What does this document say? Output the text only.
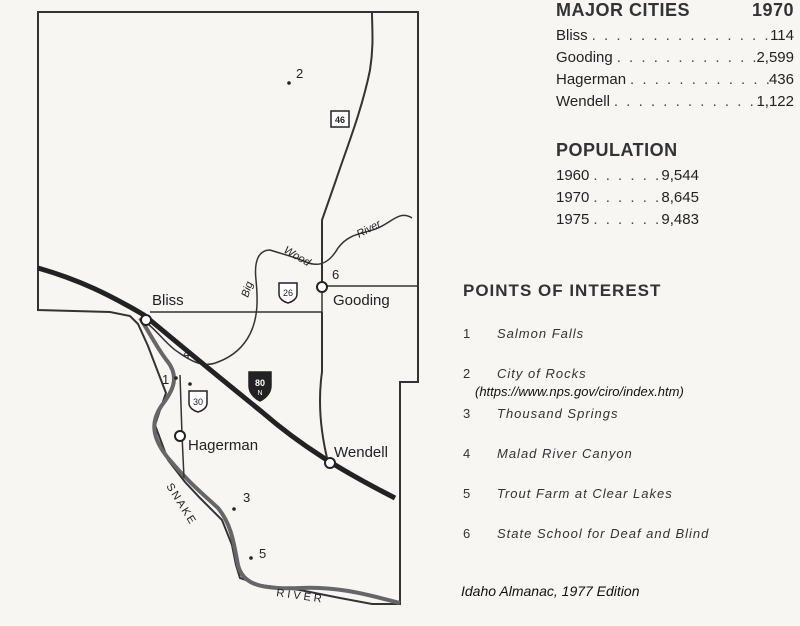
Bliss	Gooding
Hagerman	Wendell
1
2
3
4
5
6
46
26
30
80
N
Big
Wood
River
SNAKE
RIVER
MAJOR CITIES	1970
Bliss . . .	114
Gooding . . .	2,599
Hagerman . . .	436
Wendell . . .	1,122
POPULATION
1960 . . .	9,544
1970 . . .	8,645
1975 . . .	9,483
POINTS OF INTEREST
1	Salmon Falls
2	City of Rocks
(https://www.nps.gov/ciro/index.htm)
3	Thousand Springs
4	Malad River Canyon
5	Trout Farm at Clear Lakes
6	State School for Deaf and Blind
Idaho Almanac, 1977 Edition
